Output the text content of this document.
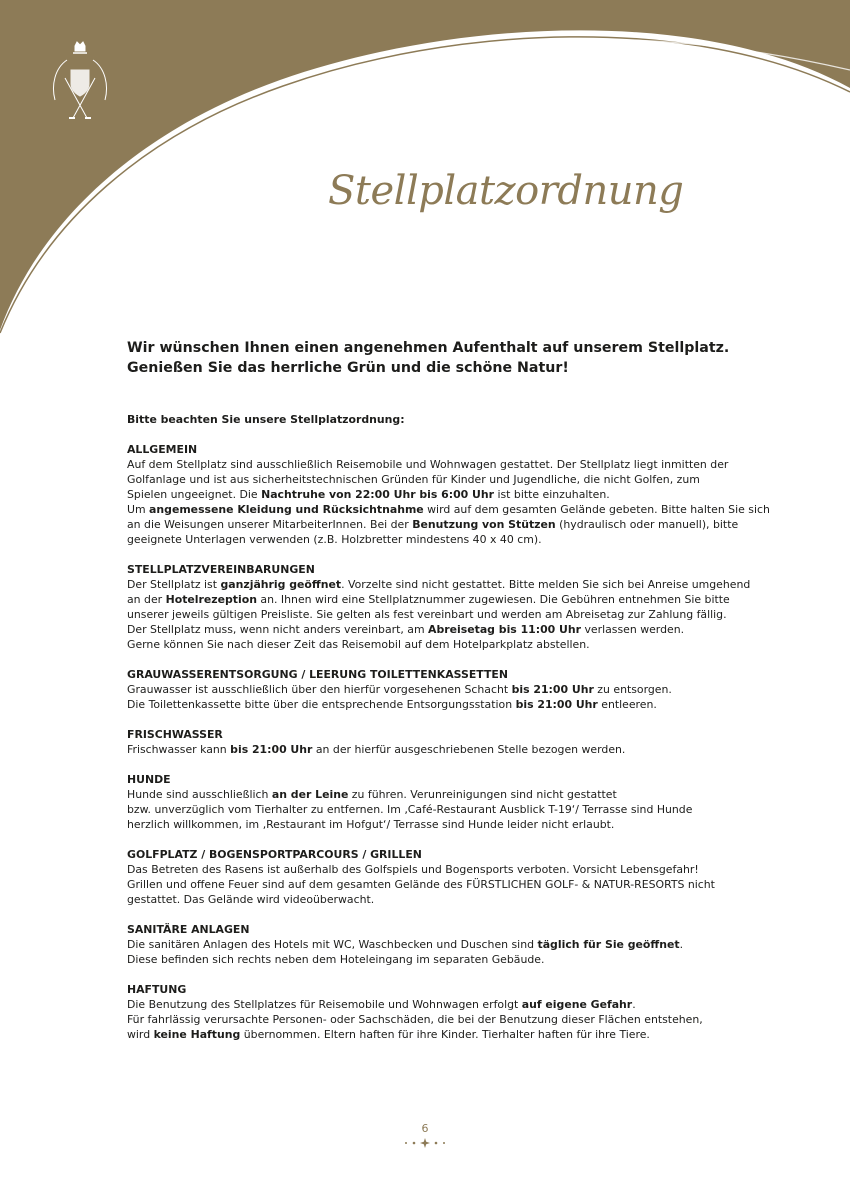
Stellplatzordnung
Wir wünschen Ihnen einen angenehmen Aufenthalt auf unserem Stellplatz.
Genießen Sie das herrliche Grün und die schöne Natur!
Bitte beachten Sie unsere Stellplatzordnung:
ALLGEMEIN

Auf dem Stellplatz sind ausschließlich Reisemobile und Wohnwagen gestattet. Der Stellplatz liegt inmitten der
Golfanlage und ist aus sicherheitstechnischen Gründen für Kinder und Jugendliche, die nicht Golfen, zum
Spielen ungeeignet. Die Nachtruhe von 22:00 Uhr bis 6:00 Uhr ist bitte einzuhalten.
Um angemessene Kleidung und Rücksichtnahme wird auf dem gesamten Gelände gebeten. Bitte halten Sie sich
an die Weisungen unserer MitarbeiterInnen. Bei der Benutzung von Stützen (hydraulisch oder manuell), bitte
geeignete Unterlagen verwenden (z.B. Holzbretter mindestens 40 x 40 cm).

STELLPLATZVEREINBARUNGEN

Der Stellplatz ist ganzjährig geöffnet. Vorzelte sind nicht gestattet. Bitte melden Sie sich bei Anreise umgehend
an der Hotelrezeption an. Ihnen wird eine Stellplatznummer zugewiesen. Die Gebühren entnehmen Sie bitte
unserer jeweils gültigen Preisliste. Sie gelten als fest vereinbart und werden am Abreisetag zur Zahlung fällig.
Der Stellplatz muss, wenn nicht anders vereinbart, am Abreisetag bis 11:00 Uhr verlassen werden.
Gerne können Sie nach dieser Zeit das Reisemobil auf dem Hotelparkplatz abstellen.

GRAUWASSERENTSORGUNG / LEERUNG TOILETTENKASSETTEN

Grauwasser ist ausschließlich über den hierfür vorgesehenen Schacht bis 21:00 Uhr zu entsorgen.
Die Toilettenkassette bitte über die entsprechende Entsorgungsstation bis 21:00 Uhr entleeren.

FRISCHWASSER

Frischwasser kann bis 21:00 Uhr an der hierfür ausgeschriebenen Stelle bezogen werden.

HUNDE

Hunde sind ausschließlich an der Leine zu führen. Verunreinigungen sind nicht gestattet
bzw. unverzüglich vom Tierhalter zu entfernen. Im ‚Café-Restaurant Ausblick T-19‘/ Terrasse sind Hunde
herzlich willkommen, im ‚Restaurant im Hofgut‘/ Terrasse sind Hunde leider nicht erlaubt.

GOLFPLATZ / BOGENSPORTPARCOURS / GRILLEN

Das Betreten des Rasens ist außerhalb des Golfspiels und Bogensports verboten. Vorsicht Lebensgefahr!
Grillen und offene Feuer sind auf dem gesamten Gelände des FÜRSTLICHEN GOLF- & NATUR-RESORTS nicht
gestattet. Das Gelände wird videoüberwacht.

SANITÄRE ANLAGEN

Die sanitären Anlagen des Hotels mit WC, Waschbecken und Duschen sind täglich für Sie geöffnet.
Diese befinden sich rechts neben dem Hoteleingang im separaten Gebäude.

HAFTUNG

Die Benutzung des Stellplatzes für Reisemobile und Wohnwagen erfolgt auf eigene Gefahr.
Für fahrlässig verursachte Personen- oder Sachschäden, die bei der Benutzung dieser Flächen entstehen,
wird keine Haftung übernommen. Eltern haften für ihre Kinder. Tierhalter haften für ihre Tiere.

6
